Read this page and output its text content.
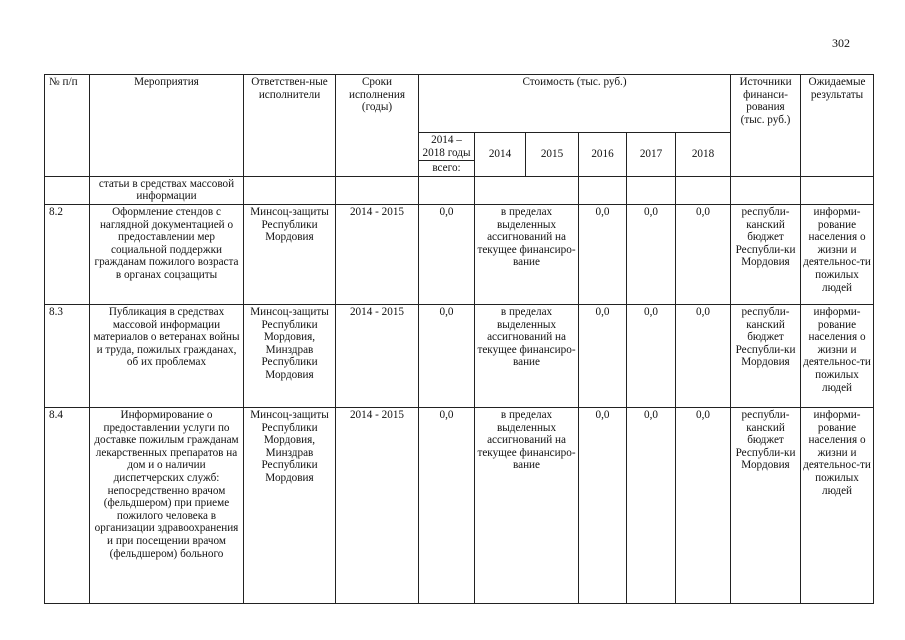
302
№ п/п	Мероприятия	Ответствен-ные исполнители	Сроки исполнения (годы)	Стоимость (тыс. руб.)						Источники финанси-рования (тыс. руб.)	Ожидаемые результаты
				2014 – 2018 годы	2014	2015	2016	2017	2018		
				всего:							
	статьи в средствах массовой информации										
8.2	Оформление стендов с наглядной документацией о предоставлении мер социальной поддержки гражданам пожилого возраста в органах соцзащиты	Минсоц-защиты Республики Мордовия	2014 - 2015	0,0	в пределах выделенных ассигнований на текущее финансиро-вание		0,0	0,0	0,0	республи-канский бюджет Республи-ки Мордовия	информи-рование населения о жизни и деятельнос-ти пожилых людей
8.3	Публикация в средствах массовой информации материалов о ветеранах войны и труда, пожилых гражданах, об их проблемах	Минсоц-защиты Республики Мордовия, Минздрав Республики Мордовия	2014 - 2015	0,0	в пределах выделенных ассигнований на текущее финансиро-вание		0,0	0,0	0,0	республи-канский бюджет Республи-ки Мордовия	информи-рование населения о жизни и деятельнос-ти пожилых людей
8.4	Информирование о предоставлении услуги по доставке пожилым гражданам лекарственных препаратов на дом и о наличии диспетчерских служб: непосредственно врачом (фельдшером) при приеме пожилого человека в организации здравоохранения и при посещении врачом (фельдшером) больного	Минсоц-защиты Республики Мордовия, Минздрав Республики Мордовия	2014 - 2015	0,0	в пределах выделенных ассигнований на текущее финансиро-вание		0,0	0,0	0,0	республи-канский бюджет Республи-ки Мордовия	информи-рование населения о жизни и деятельнос-ти пожилых людей
